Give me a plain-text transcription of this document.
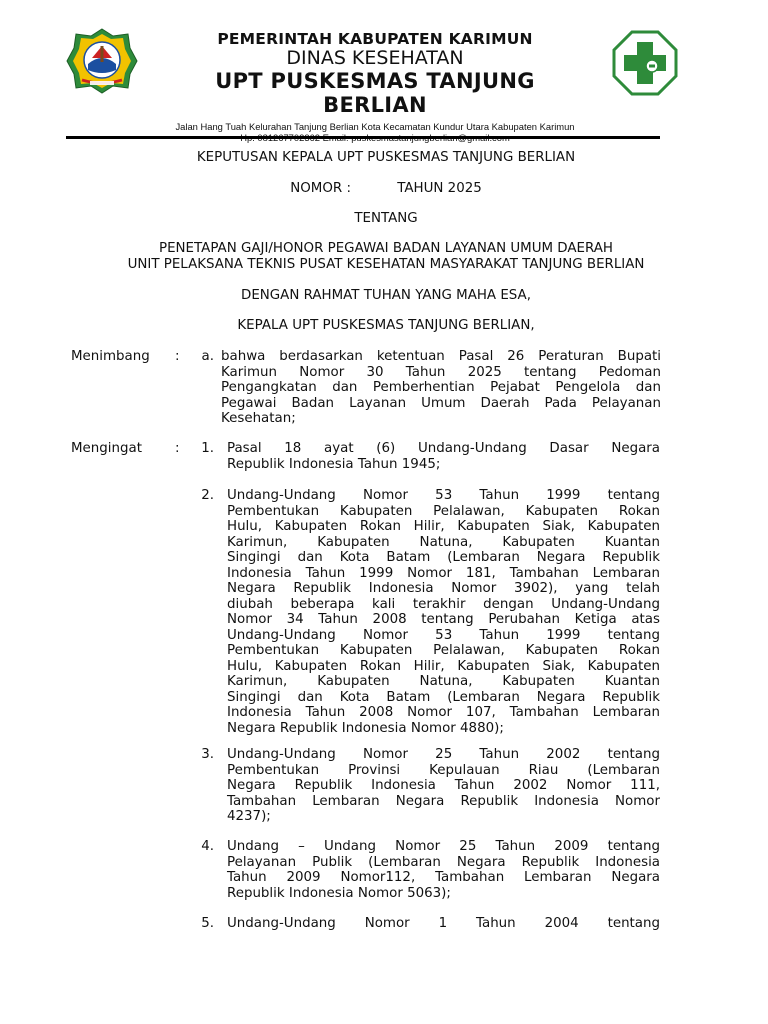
PEMERINTAH KABUPATEN KARIMUN
DINAS KESEHATAN
UPT PUSKESMAS TANJUNG
BERLIAN
Jalan Hang Tuah Kelurahan Tanjung Berlian Kota Kecamatan Kundur Utara Kabupaten Karimun
KEPUTUSAN KEPALA UPT PUSKESMAS TANJUNG BERLIAN
NOMOR :	TAHUN 2025
TENTANG
PENETAPAN GAJI/HONOR PEGAWAI BADAN LAYANAN UMUM DAERAH
UNIT PELAKSANA TEKNIS PUSAT KESEHATAN MASYARAKAT TANJUNG BERLIAN
DENGAN RAHMAT TUHAN YANG MAHA ESA,
KEPALA UPT PUSKESMAS TANJUNG BERLIAN,
Menimbang :	a. bahwa berdasarkan ketentuan Pasal 26 Peraturan Bupati
Karimun Nomor 30 Tahun 2025 tentang Pedoman
Pengangkatan dan Pemberhentian Pejabat Pengelola dan
Pegawai Badan Layanan Umum Daerah Pada Pelayanan
Kesehatan;
Mengingat :	1. Pasal 18 ayat (6) Undang-Undang Dasar Negara
Republik Indonesia Tahun 1945;
2. Undang-Undang Nomor 53 Tahun 1999 tentang
Pembentukan Kabupaten Pelalawan, Kabupaten Rokan
Hulu, Kabupaten Rokan Hilir, Kabupaten Siak, Kabupaten
Karimun, Kabupaten Natuna, Kabupaten Kuantan
Singingi dan Kota Batam (Lembaran Negara Republik
Indonesia Tahun 1999 Nomor 181, Tambahan Lembaran
Negara Republik Indonesia Nomor 3902), yang telah
diubah beberapa kali terakhir dengan Undang-Undang
Nomor 34 Tahun 2008 tentang Perubahan Ketiga atas
Undang-Undang Nomor 53 Tahun 1999 tentang
Pembentukan Kabupaten Pelalawan, Kabupaten Rokan
Hulu, Kabupaten Rokan Hilir, Kabupaten Siak, Kabupaten
Karimun, Kabupaten Natuna, Kabupaten Kuantan
Singingi dan Kota Batam (Lembaran Negara Republik
Indonesia Tahun 2008 Nomor 107, Tambahan Lembaran
Negara Republik Indonesia Nomor 4880);
3. Undang-Undang Nomor 25 Tahun 2002 tentang
Pembentukan Provinsi Kepulauan Riau (Lembaran
Negara Republik Indonesia Tahun 2002 Nomor 111,
Tambahan Lembaran Negara Republik Indonesia Nomor
4237);
4. Undang – Undang Nomor 25 Tahun 2009 tentang
Pelayanan Publik (Lembaran Negara Republik Indonesia
Tahun 2009 Nomor112, Tambahan Lembaran Negara
Republik Indonesia Nomor 5063);
5. Undang-Undang Nomor 1 Tahun 2004 tentang
